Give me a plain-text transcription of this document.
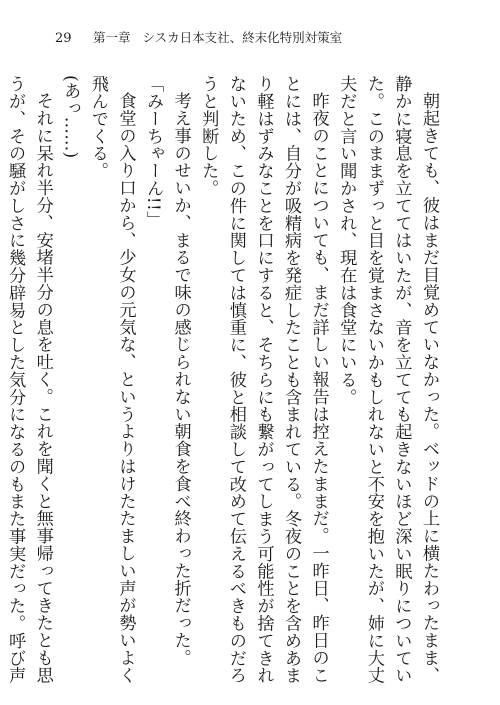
29	第一章 シスカ日本支社、終末化特別対策室

朝起きても、彼はまだ目覚めていなかった。ベッドの上に横たわったまま、静かに寝息を立ててはいたが、音を立てても起きないほど深い眠りについていた。このままずっと目を覚まさないかもしれないと不安を抱いたが、姉に大丈夫だと言い聞かされ、現在は食堂にいる。

昨夜のことについても、まだ詳しい報告は控えたままだ。一昨日、昨日のことには、自分が吸精病を発症したことも含まれている。冬夜のことを含めあまり軽はずみなことを口にすると、そちらにも繋がってしまう可能性が捨てきれないため、この件に関しては慎重に、彼と相談して改めて伝えるべきものだろうと判断した。

考え事のせいか、まるで味の感じられない朝食を食べ終わった折だった。

「みーちゃーん!!」

食堂の入り口から、少女の元気な、というよりはけたたましい声が勢いよく飛んでくる。

(あっ……)

それに呆れ半分、安堵半分の息を吐く。これを聞くと無事帰ってきたとも思うが、その騒がしさに幾分辟易とした気分になるのもまた事実だった。呼び声
